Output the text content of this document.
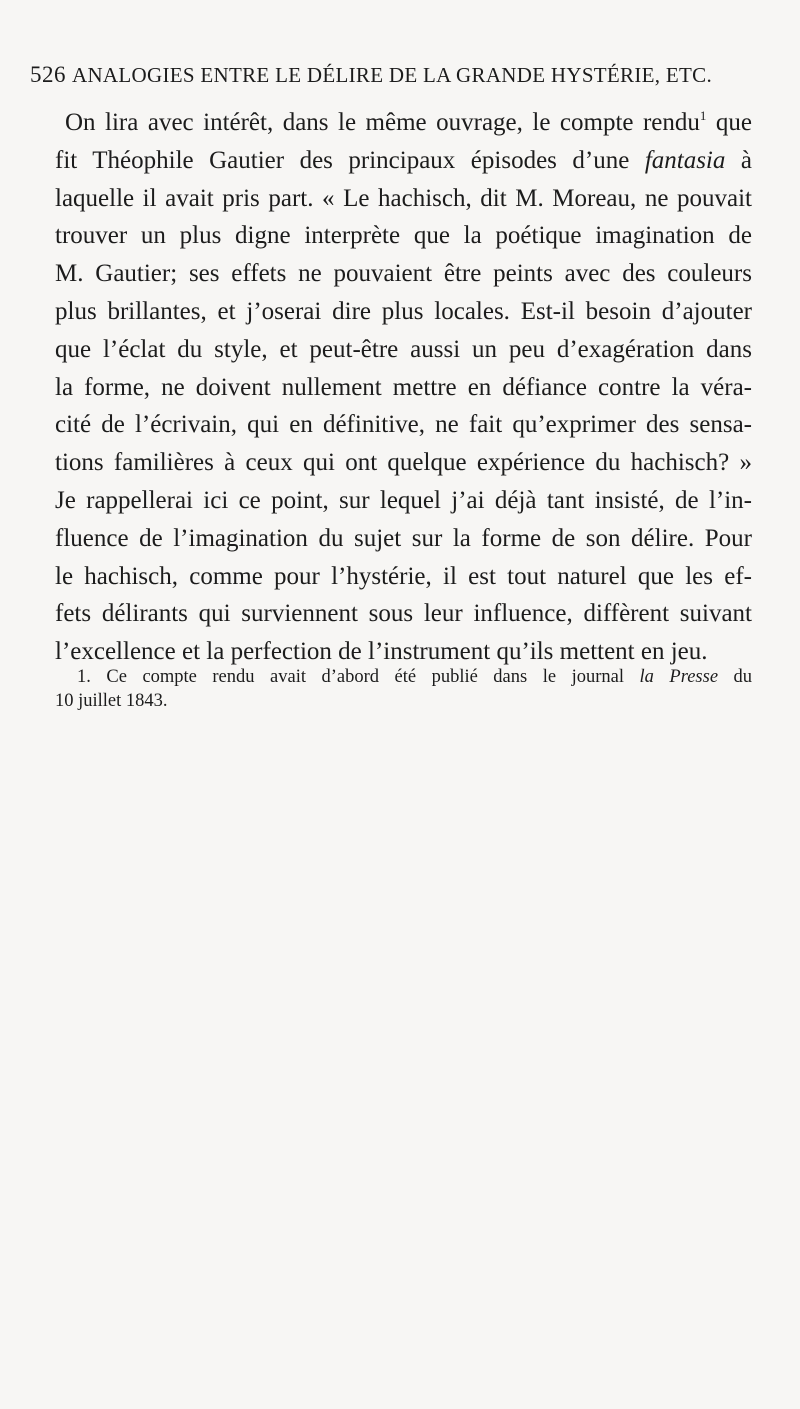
526 ANALOGIES ENTRE LE DÉLIRE DE LA GRANDE HYSTÉRIE, ETC.
On lira avec intérêt, dans le même ouvrage, le compte rendu$^1$ que
fit Théophile Gautier des principaux épisodes d’une fantasia à
laquelle il avait pris part. « Le hachisch, dit M. Moreau, ne pouvait
trouver un plus digne interprète que la poétique imagination de
M. Gautier; ses effets ne pouvaient être peints avec des couleurs
plus brillantes, et j’oserai dire plus locales. Est-il besoin d’ajouter
que l’éclat du style, et peut-être aussi un peu d’exagération dans
la forme, ne doivent nullement mettre en défiance contre la véra-
cité de l’écrivain, qui en définitive, ne fait qu’exprimer des sensa-
tions familières à ceux qui ont quelque expérience du hachisch? »
Je rappellerai ici ce point, sur lequel j’ai déjà tant insisté, de l’in-
fluence de l’imagination du sujet sur la forme de son délire. Pour
le hachisch, comme pour l’hystérie, il est tout naturel que les ef-
fets délirants qui surviennent sous leur influence, diffèrent suivant
l’excellence et la perfection de l’instrument qu’ils mettent en jeu.
1. Ce compte rendu avait d’abord été publié dans le journal la Presse du
10 juillet 1843.
